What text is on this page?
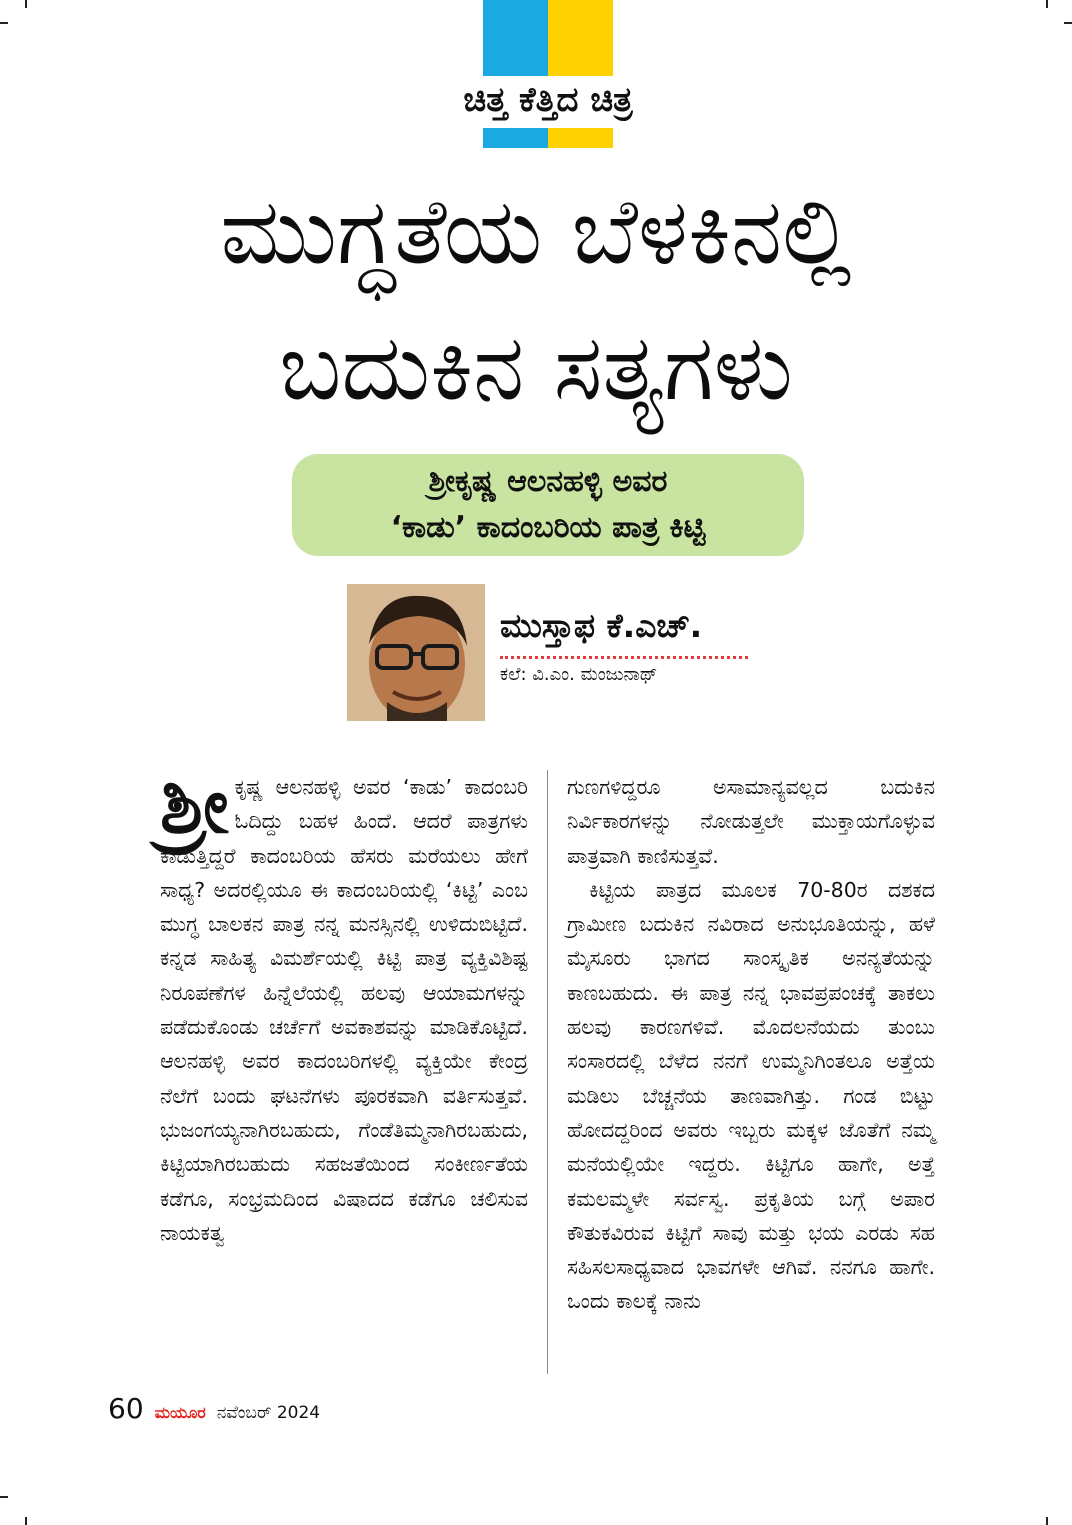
ಚಿತ್ತ ಕೆತ್ತಿದ ಚಿತ್ರ
ಮುಗ್ಧತೆಯ ಬೆಳಕಿನಲ್ಲಿ
ಬದುಕಿನ ಸತ್ಯಗಳು
ಶ್ರೀಕೃಷ್ಣ ಆಲನಹಳ್ಳಿ ಅವರ
‘ಕಾಡು’ ಕಾದಂಬರಿಯ ಪಾತ್ರ ಕಿಟ್ಟಿ
ಮುಸ್ತಾಫ ಕೆ.ಎಚ್.
ಕಲೆ: ವಿ.ಎಂ. ಮಂಜುನಾಥ್
ಶ್ರೀ ಕೃಷ್ಣ ಆಲನಹಳ್ಳಿ ಅವರ ‘ಕಾಡು’ ಕಾದಂಬರಿ ಓದಿದ್ದು ಬಹಳ ಹಿಂದೆ. ಆದರೆ ಪಾತ್ರಗಳು ಕಾಡುತ್ತಿದ್ದರೆ ಕಾದಂಬರಿಯ ಹೆಸರು ಮರೆಯಲು ಹೇಗೆ ಸಾಧ್ಯ? ಅದರಲ್ಲಿಯೂ ಈ ಕಾದಂಬರಿಯಲ್ಲಿ ‘ಕಿಟ್ಟಿ’ ಎಂಬ ಮುಗ್ಧ ಬಾಲಕನ ಪಾತ್ರ ನನ್ನ ಮನಸ್ಸಿನಲ್ಲಿ ಉಳಿದುಬಿಟ್ಟಿದೆ. ಕನ್ನಡ ಸಾಹಿತ್ಯ ವಿಮರ್ಶೆಯಲ್ಲಿ ಕಿಟ್ಟಿ ಪಾತ್ರ ವ್ಯಕ್ತಿವಿಶಿಷ್ಟ ನಿರೂಪಣೆಗಳ ಹಿನ್ನೆಲೆಯಲ್ಲಿ ಹಲವು ಆಯಾಮಗಳನ್ನು ಪಡೆದುಕೊಂಡು ಚರ್ಚೆಗೆ ಅವಕಾಶವನ್ನು ಮಾಡಿಕೊಟ್ಟಿದೆ. ಆಲನಹಳ್ಳಿ ಅವರ ಕಾದಂಬರಿಗಳಲ್ಲಿ ವ್ಯಕ್ತಿಯೇ ಕೇಂದ್ರ ನೆಲೆಗೆ ಬಂದು ಘಟನೆಗಳು ಪೂರಕವಾಗಿ ವರ್ತಿಸುತ್ತವೆ. ಭುಜಂಗಯ್ಯನಾಗಿರಬಹುದು, ಗೆಂಡೆತಿಮ್ಮನಾಗಿರಬಹುದು, ಕಿಟ್ಟಿಯಾಗಿರಬಹುದು ಸಹಜತೆಯಿಂದ ಸಂಕೀರ್ಣತೆಯ ಕಡೆಗೂ, ಸಂಭ್ರಮದಿಂದ ವಿಷಾದದ ಕಡೆಗೂ ಚಲಿಸುವ ನಾಯಕತ್ವ

ಗುಣಗಳಿದ್ದರೂ ಅಸಾಮಾನ್ಯವಲ್ಲದ ಬದುಕಿನ ನಿರ್ವಿಕಾರಗಳನ್ನು ನೋಡುತ್ತಲೇ ಮುಕ್ತಾಯಗೊಳ್ಳುವ ಪಾತ್ರವಾಗಿ ಕಾಣಿಸುತ್ತವೆ.

ಕಿಟ್ಟಿಯ ಪಾತ್ರದ ಮೂಲಕ 70-80ರ ದಶಕದ ಗ್ರಾಮೀಣ ಬದುಕಿನ ನವಿರಾದ ಅನುಭೂತಿಯನ್ನು, ಹಳೆ ಮೈಸೂರು ಭಾಗದ ಸಾಂಸ್ಕೃತಿಕ ಅನನ್ಯತೆಯನ್ನು ಕಾಣಬಹುದು. ಈ ಪಾತ್ರ ನನ್ನ ಭಾವಪ್ರಪಂಚಕ್ಕೆ ತಾಕಲು ಹಲವು ಕಾರಣಗಳಿವೆ. ಮೊದಲನೆಯದು ತುಂಬು ಸಂಸಾರದಲ್ಲಿ ಬೆಳೆದ ನನಗೆ ಉಮ್ಮನಿಗಿಂತಲೂ ಅತ್ತೆಯ ಮಡಿಲು ಬೆಚ್ಚನೆಯ ತಾಣವಾಗಿತ್ತು. ಗಂಡ ಬಿಟ್ಟು ಹೋದದ್ದರಿಂದ ಅವರು ಇಬ್ಬರು ಮಕ್ಕಳ ಜೊತೆಗೆ ನಮ್ಮ ಮನೆಯಲ್ಲಿಯೇ ಇದ್ದರು. ಕಿಟ್ಟಿಗೂ ಹಾಗೇ, ಅತ್ತೆ ಕಮಲಮ್ಮಳೇ ಸರ್ವಸ್ವ. ಪ್ರಕೃತಿಯ ಬಗ್ಗೆ ಅಪಾರ ಕೌತುಕವಿರುವ ಕಿಟ್ಟಿಗೆ ಸಾವು ಮತ್ತು ಭಯ ಎರಡು ಸಹ ಸಹಿಸಲಸಾಧ್ಯವಾದ ಭಾವಗಳೇ ಆಗಿವೆ. ನನಗೂ ಹಾಗೇ. ಒಂದು ಕಾಲಕ್ಕೆ ನಾನು

60 ಮಯೂರ ನವೆಂಬರ್ 2024
